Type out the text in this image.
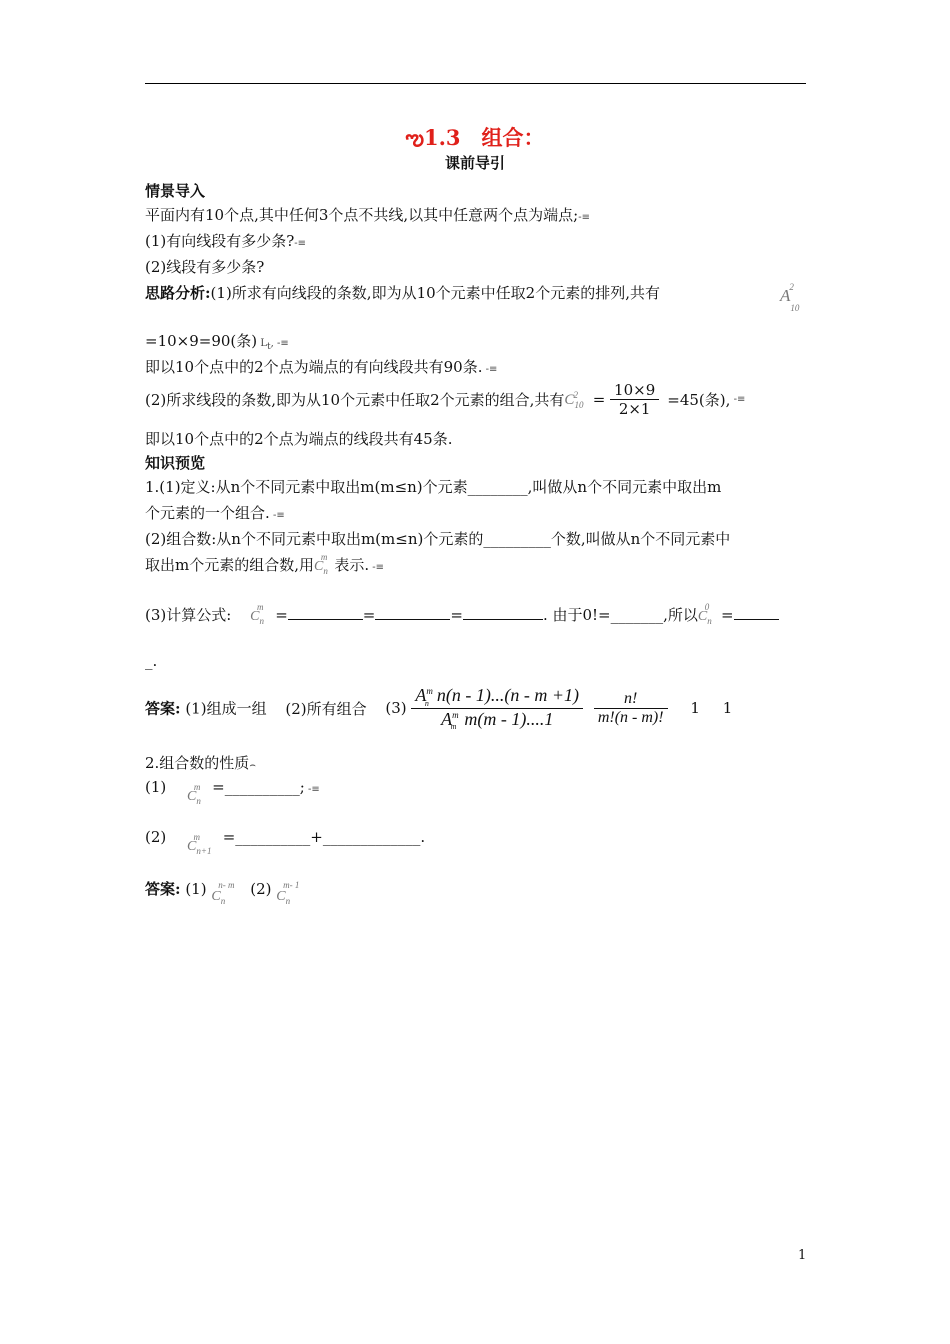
ఌ1.3　组合：
课前导引
情景导入
平面内有10个点,其中任何3个点不共线,以其中任意两个点为端点;-≡
(1)有向线段有多少条?-≡
(2)线段有多少条?
思路分析:(1)所求有向线段的条数,即为从10个元素中任取2个元素的排列,共有	$A_{10}^2$
=10×9=90(条) $L_t$, -≡
即以10个点中的2个点为端点的有向线段共有90条. -≡
(2)所求线段的条数,即为从10个元素中任取2个元素的组合,共有$C_{10}^2 = \frac{10\times 9}{2\times 1} =45$(条), -≡
即以10个点中的2个点为端点的线段共有45条.
知识预览
1.(1)定义:从n个不同元素中取出m(m≤n)个元素________,叫做从n个不同元素中取出m
个元素的一个组合. -≡
(2)组合数:从n个不同元素中取出m(m≤n)个元素的_________个数,叫做从n个不同元素中
取出m个元素的组合数,用$C_n^m$ 表示. -≡
(3)计算公式: $C_n^m$ =	=	=	. 由于0!=_______,所以$C_n^0$ =
_.
答案: (1)组成一组 (2)所有组合 $(3) \frac{A^m_n n(n - 1)...(n - m +1)}{A^m_m m(m - 1)....1}$
$\frac{n!}{m!(n - m)!} 1$ 1
2.组合数的性质⌢
(1) $C_n^m$ =__________; -≡
(2) $C_{n+1}^m$ =__________+_____________.
答案: (1) $C_n^{n- m}$ (2) $C_n^{m- 1}$
1
